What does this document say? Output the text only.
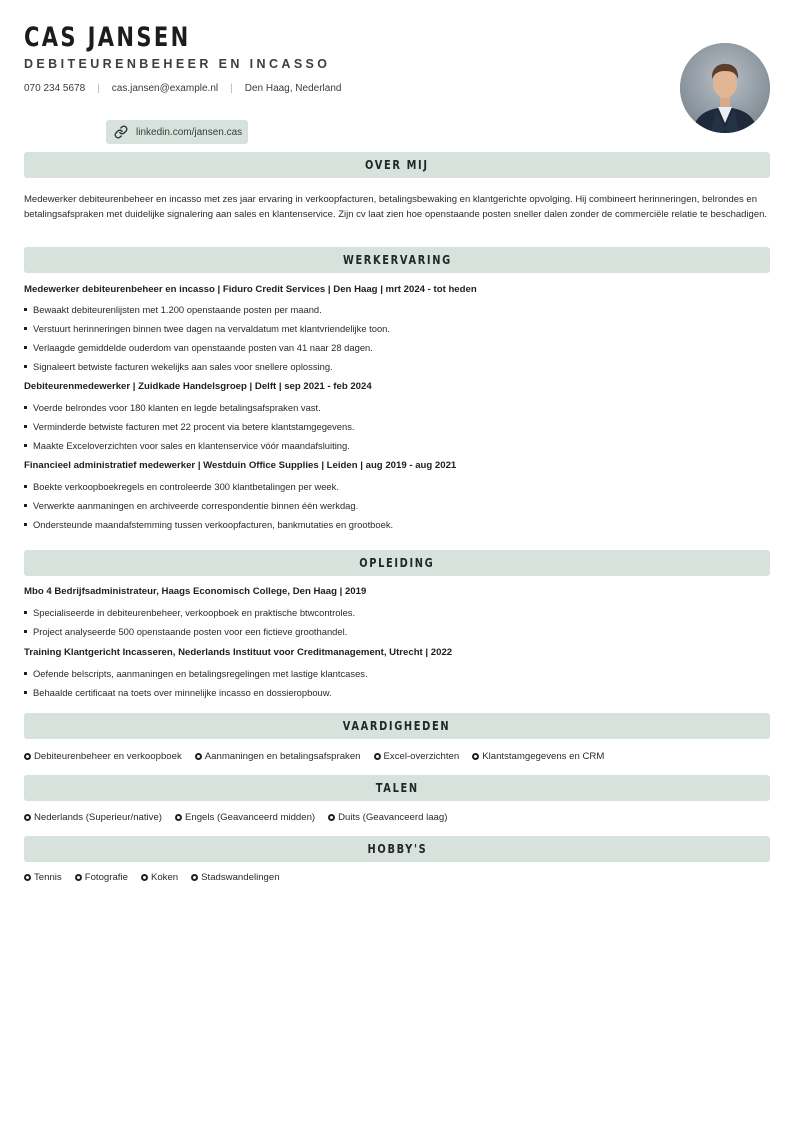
CAS JANSEN
DEBITEURENBEHEER EN INCASSO
070 234 5678 | cas.jansen@example.nl | Den Haag, Nederland
linkedin.com/jansen.cas
OVER MIJ
Medewerker debiteurenbeheer en incasso met zes jaar ervaring in verkoopfacturen, betalingsbewaking en klantgerichte opvolging. Hij combineert herinneringen, belrondes en betalingsafspraken met duidelijke signalering aan sales en klantenservice. Zijn cv laat zien hoe openstaande posten sneller dalen zonder de commerciële relatie te beschadigen.
WERKERVARING
Medewerker debiteurenbeheer en incasso | Fiduro Credit Services | Den Haag | mrt 2024 - tot heden
Bewaakt debiteurenlijsten met 1.200 openstaande posten per maand.
Verstuurt herinneringen binnen twee dagen na vervaldatum met klantvriendelijke toon.
Verlaagde gemiddelde ouderdom van openstaande posten van 41 naar 28 dagen.
Signaleert betwiste facturen wekelijks aan sales voor snellere oplossing.
Debiteurenmedewerker | Zuidkade Handelsgroep | Delft | sep 2021 - feb 2024
Voerde belrondes voor 180 klanten en legde betalingsafspraken vast.
Verminderde betwiste facturen met 22 procent via betere klantstamgegevens.
Maakte Exceloverzichten voor sales en klantenservice vóór maandafsluiting.
Financieel administratief medewerker | Westduin Office Supplies | Leiden | aug 2019 - aug 2021
Boekte verkoopboekregels en controleerde 300 klantbetalingen per week.
Verwerkte aanmaningen en archiveerde correspondentie binnen één werkdag.
Ondersteunde maandafstemming tussen verkoopfacturen, bankmutaties en grootboek.
OPLEIDING
Mbo 4 Bedrijfsadministrateur, Haags Economisch College, Den Haag | 2019
Specialiseerde in debiteurenbeheer, verkoopboek en praktische btwcontroles.
Project analyseerde 500 openstaande posten voor een fictieve groothandel.
Training Klantgericht Incasseren, Nederlands Instituut voor Creditmanagement, Utrecht | 2022
Oefende belscripts, aanmaningen en betalingsregelingen met lastige klantcases.
Behaalde certificaat na toets over minnelijke incasso en dossieropbouw.
VAARDIGHEDEN
Debiteurenbeheer en verkoopboek Aanmaningen en betalingsafspraken Excel-overzichten Klantstamgegevens en CRM
TALEN
Nederlands (Superieur/native) Engels (Geavanceerd midden) Duits (Geavanceerd laag)
HOBBY'S
Tennis Fotografie Koken Stadswandelingen
